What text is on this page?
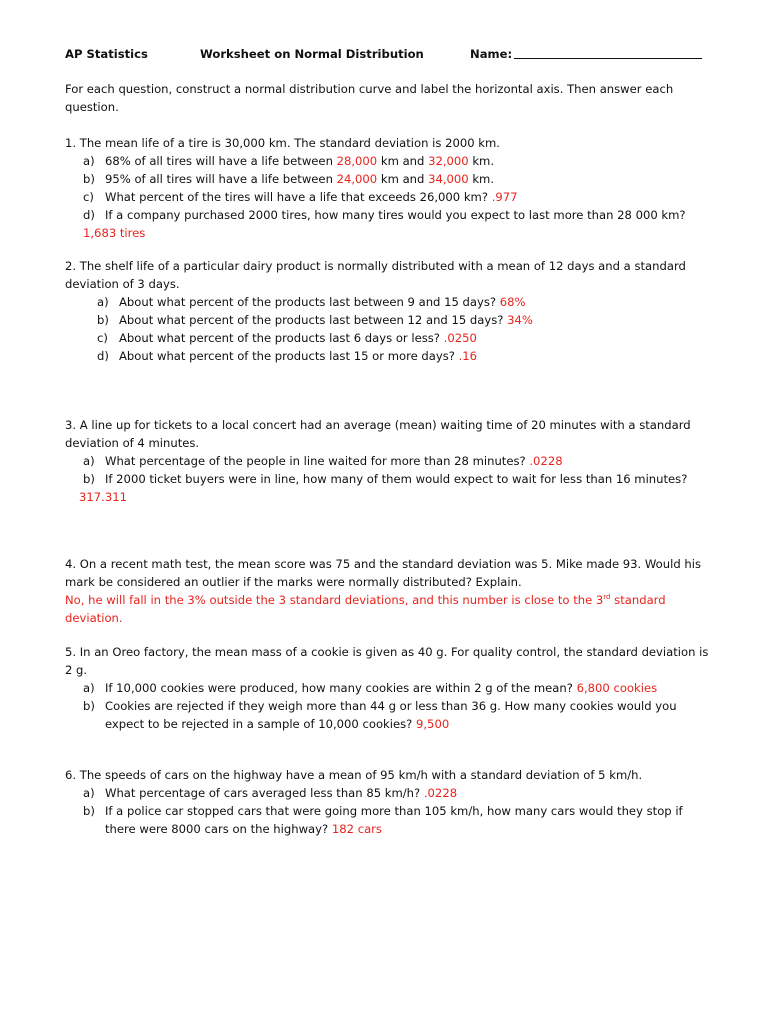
AP Statistics	Worksheet on Normal Distribution	Name:

For each question, construct a normal distribution curve and label the horizontal axis. Then answer each question.

1. The mean life of a tire is 30,000 km. The standard deviation is 2000 km.

a) 68% of all tires will have a life between 28,000 km and 32,000 km.
b) 95% of all tires will have a life between 24,000 km and 34,000 km.
c) What percent of the tires will have a life that exceeds 26,000 km? .977
d) If a company purchased 2000 tires, how many tires would you expect to last more than 28 000 km?

1,683 tires

2. The shelf life of a particular dairy product is normally distributed with a mean of 12 days and a standard deviation of 3 days.

a) About what percent of the products last between 9 and 15 days? 68%
b) About what percent of the products last between 12 and 15 days? 34%
c) About what percent of the products last 6 days or less? .0250
d) About what percent of the products last 15 or more days? .16

3. A line up for tickets to a local concert had an average (mean) waiting time of 20 minutes with a standard deviation of 4 minutes.

a) What percentage of the people in line waited for more than 28 minutes? .0228
b) If 2000 ticket buyers were in line, how many of them would expect to wait for less than 16 minutes?

317.311

4. On a recent math test, the mean score was 75 and the standard deviation was 5. Mike made 93. Would his mark be considered an outlier if the marks were normally distributed? Explain.

No, he will fall in the 3% outside the 3 standard deviations, and this number is close to the 3rd standard deviation.

5. In an Oreo factory, the mean mass of a cookie is given as 40 g. For quality control, the standard deviation is 2 g.

a) If 10,000 cookies were produced, how many cookies are within 2 g of the mean? 6,800 cookies
b) Cookies are rejected if they weigh more than 44 g or less than 36 g. How many cookies would you expect to be rejected in a sample of 10,000 cookies? 9,500

6. The speeds of cars on the highway have a mean of 95 km/h with a standard deviation of 5 km/h.

a) What percentage of cars averaged less than 85 km/h? .0228
b) If a police car stopped cars that were going more than 105 km/h, how many cars would they stop if there were 8000 cars on the highway? 182 cars
